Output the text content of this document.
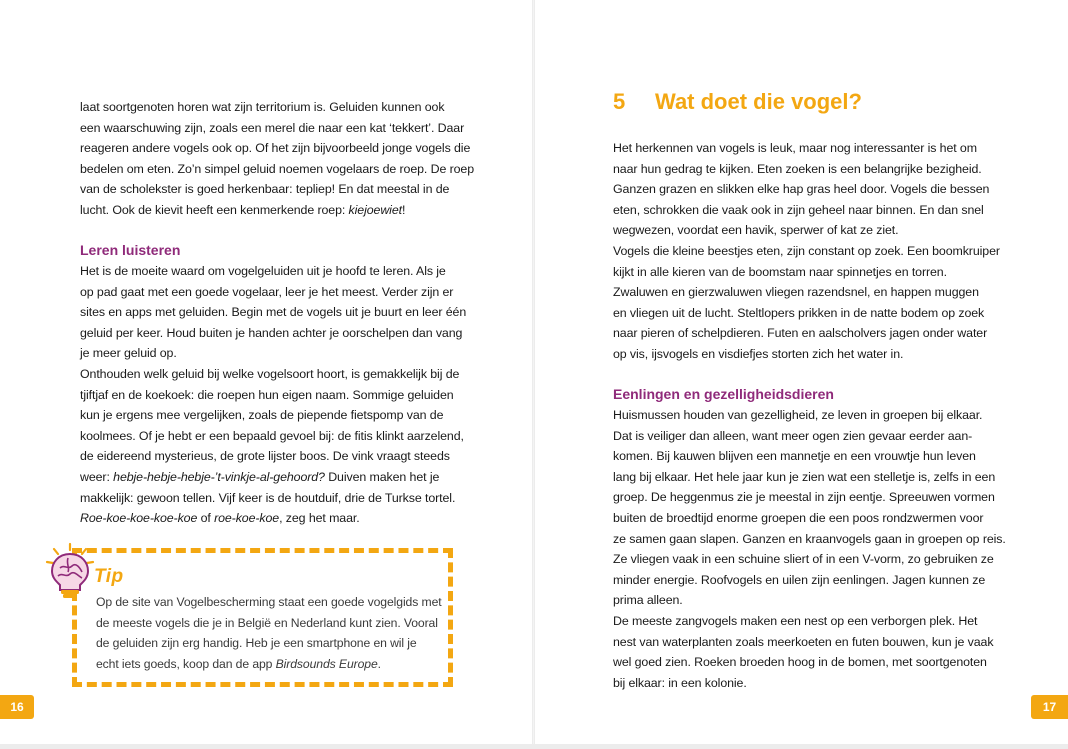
laat soortgenoten horen wat zijn territorium is. Geluiden kunnen ook
een waarschuwing zijn, zoals een merel die naar een kat ‘tekkert’. Daar
reageren andere vogels ook op. Of het zijn bijvoorbeeld jonge vogels die
bedelen om eten. Zo’n simpel geluid noemen vogelaars de roep. De roep
van de scholekster is goed herkenbaar: tepliep! En dat meestal in de
lucht. Ook de kievit heeft een kenmerkende roep: kiejoewiet!

Leren luisteren

Het is de moeite waard om vogelgeluiden uit je hoofd te leren. Als je
op pad gaat met een goede vogelaar, leer je het meest. Verder zijn er
sites en apps met geluiden. Begin met de vogels uit je buurt en leer één
geluid per keer. Houd buiten je handen achter je oorschelpen dan vang
je meer geluid op.
Onthouden welk geluid bij welke vogelsoort hoort, is gemakkelijk bij de
tjiftjaf en de koekoek: die roepen hun eigen naam. Sommige geluiden
kun je ergens mee vergelijken, zoals de piepende fietspomp van de
koolmees. Of je hebt er een bepaald gevoel bij: de fitis klinkt aarzelend,
de eidereend mysterieus, de grote lijster boos. De vink vraagt steeds
weer: hebje-hebje-hebje-’t-vinkje-al-gehoord? Duiven maken het je
makkelijk: gewoon tellen. Vijf keer is de houtduif, drie de Turkse tortel.
Roe-koe-koe-koe-koe of roe-koe-koe, zeg het maar.

Tip

Op de site van Vogelbescherming staat een goede vogelgids met
de meeste vogels die je in België en Nederland kunt zien. Vooral
de geluiden zijn erg handig. Heb je een smartphone en wil je
echt iets goeds, koop dan de app Birdsounds Europe.

16
5 Wat doet die vogel?

Het herkennen van vogels is leuk, maar nog interessanter is het om
naar hun gedrag te kijken. Eten zoeken is een belangrijke bezigheid.
Ganzen grazen en slikken elke hap gras heel door. Vogels die bessen
eten, schrokken die vaak ook in zijn geheel naar binnen. En dan snel
wegwezen, voordat een havik, sperwer of kat ze ziet.
Vogels die kleine beestjes eten, zijn constant op zoek. Een boomkruiper
kijkt in alle kieren van de boomstam naar spinnetjes en torren.
Zwaluwen en gierzwaluwen vliegen razendsnel, en happen muggen
en vliegen uit de lucht. Steltlopers prikken in de natte bodem op zoek
naar pieren of schelpdieren. Futen en aalscholvers jagen onder water
op vis, ijsvogels en visdiefjes storten zich het water in.

Eenlingen en gezelligheidsdieren

Huismussen houden van gezelligheid, ze leven in groepen bij elkaar.
Dat is veiliger dan alleen, want meer ogen zien gevaar eerder aan-
komen. Bij kauwen blijven een mannetje en een vrouwtje hun leven
lang bij elkaar. Het hele jaar kun je zien wat een stelletje is, zelfs in een
groep. De heggenmus zie je meestal in zijn eentje. Spreeuwen vormen
buiten de broedtijd enorme groepen die een poos rondzwermen voor
ze samen gaan slapen. Ganzen en kraanvogels gaan in groepen op reis.
Ze vliegen vaak in een schuine sliert of in een V-vorm, zo gebruiken ze
minder energie. Roofvogels en uilen zijn eenlingen. Jagen kunnen ze
prima alleen.
De meeste zangvogels maken een nest op een verborgen plek. Het
nest van waterplanten zoals meerkoeten en futen bouwen, kun je vaak
wel goed zien. Roeken broeden hoog in de bomen, met soortgenoten
bij elkaar: in een kolonie.

17
